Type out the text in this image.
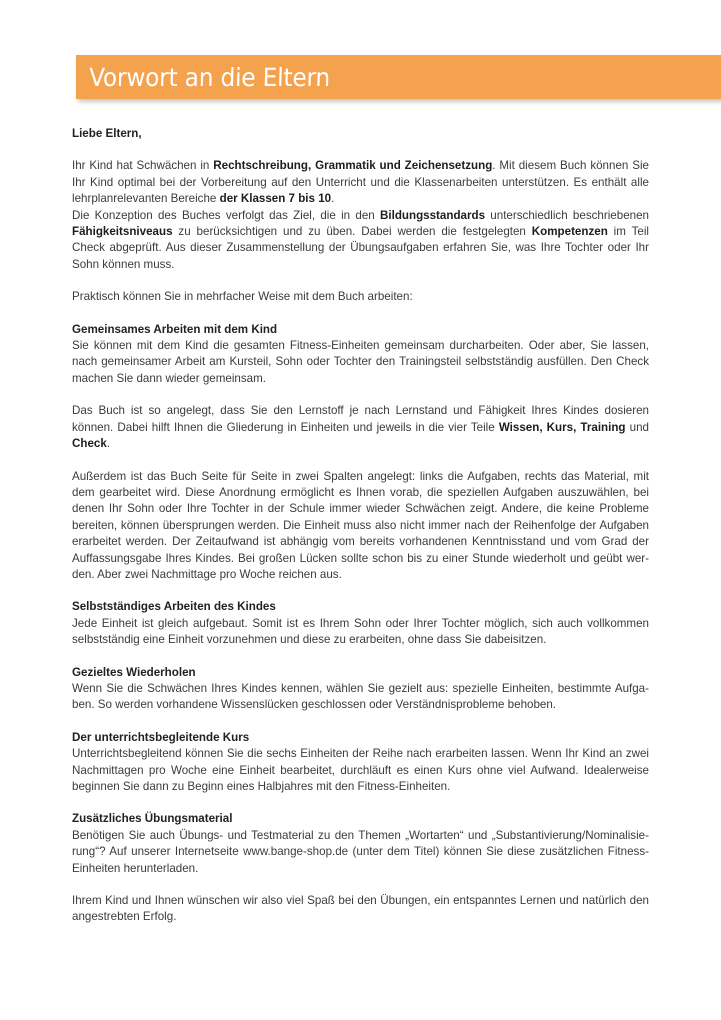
Vorwort an die Eltern

Liebe Eltern,

Ihr Kind hat Schwächen in Rechtschreibung, Grammatik und Zeichensetzung. Mit diesem Buch können Sie Ihr Kind optimal bei der Vorbereitung auf den Unterricht und die Klassenarbeiten unterstützen. Es enthält alle lehrplanrelevanten Bereiche der Klassen 7 bis 10.

Die Konzeption des Buches verfolgt das Ziel, die in den Bildungsstandards unterschiedlich beschriebenen Fähigkeitsniveaus zu berücksichtigen und zu üben. Dabei werden die festgelegten Kompetenzen im Teil Check abgeprüft. Aus dieser Zusammenstellung der Übungsaufgaben erfahren Sie, was Ihre Tochter oder Ihr Sohn können muss.

Praktisch können Sie in mehrfacher Weise mit dem Buch arbeiten:

Gemeinsames Arbeiten mit dem Kind

Sie können mit dem Kind die gesamten Fitness-Einheiten gemeinsam durcharbeiten. Oder aber, Sie lassen, nach gemeinsamer Arbeit am Kursteil, Sohn oder Tochter den Trainingsteil selbstständig ausfüllen. Den Check machen Sie dann wieder gemeinsam.

Das Buch ist so angelegt, dass Sie den Lernstoff je nach Lernstand und Fähigkeit Ihres Kindes dosieren können. Dabei hilft Ihnen die Gliederung in Einheiten und jeweils in die vier Teile Wissen, Kurs, Training und Check.

Außerdem ist das Buch Seite für Seite in zwei Spalten angelegt: links die Aufgaben, rechts das Material, mit dem gearbeitet wird. Diese Anordnung ermöglicht es Ihnen vorab, die speziellen Aufgaben auszuwählen, bei denen Ihr Sohn oder Ihre Tochter in der Schule immer wieder Schwächen zeigt. Andere, die keine Probleme bereiten, können übersprungen werden. Die Einheit muss also nicht immer nach der Reihenfolge der Aufgaben erarbeitet werden. Der Zeitaufwand ist abhängig vom bereits vorhandenen Kenntnisstand und vom Grad der Auffassungsgabe Ihres Kindes. Bei großen Lücken sollte schon bis zu einer Stunde wiederholt und geübt wer-den. Aber zwei Nachmittage pro Woche reichen aus.

Selbstständiges Arbeiten des Kindes

Jede Einheit ist gleich aufgebaut. Somit ist es Ihrem Sohn oder Ihrer Tochter möglich, sich auch vollkommen selbstständig eine Einheit vorzunehmen und diese zu erarbeiten, ohne dass Sie dabeisitzen.

Gezieltes Wiederholen

Wenn Sie die Schwächen Ihres Kindes kennen, wählen Sie gezielt aus: spezielle Einheiten, bestimmte Aufga-ben. So werden vorhandene Wissenslücken geschlossen oder Verständnisprobleme behoben.

Der unterrichtsbegleitende Kurs

Unterrichtsbegleitend können Sie die sechs Einheiten der Reihe nach erarbeiten lassen. Wenn Ihr Kind an zwei Nachmittagen pro Woche eine Einheit bearbeitet, durchläuft es einen Kurs ohne viel Aufwand. Idealerweise beginnen Sie dann zu Beginn eines Halbjahres mit den Fitness-Einheiten.

Zusätzliches Übungsmaterial

Benötigen Sie auch Übungs- und Testmaterial zu den Themen „Wortarten“ und „Substantivierung/Nominalisie-rung“? Auf unserer Internetseite www.bange-shop.de (unter dem Titel) können Sie diese zusätzlichen Fitness-Einheiten herunterladen.

Ihrem Kind und Ihnen wünschen wir also viel Spaß bei den Übungen, ein entspanntes Lernen und natürlich den angestrebten Erfolg.
